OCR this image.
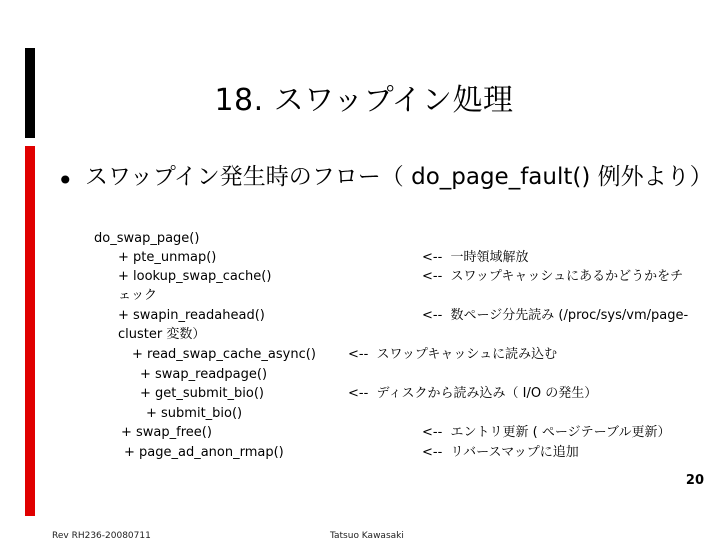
18. スワップイン処理
• スワップイン発生時のフロー（ do_page_fault() 例外より）
do_swap_page()
+ pte_unmap()	<--  一時領域解放
+ lookup_swap_cache()	<--  スワップキャッシュにあるかどうかをチ
ェック
+ swapin_readahead()	<--  数ページ分先読み (/proc/sys/vm/page-
cluster 変数）
+ read_swap_cache_async() <--  スワップキャッシュに読み込む
+ swap_readpage()
+ get_submit_bio()	<--  ディスクから読み込み（ I/O の発生）
+ submit_bio()
+ swap_free()	<--  エントリ更新 ( ページテーブル更新）
+ page_ad_anon_rmap()	<--  リバースマップに追加
20
Rev RH236-20080711	Tatsuo Kawasaki
